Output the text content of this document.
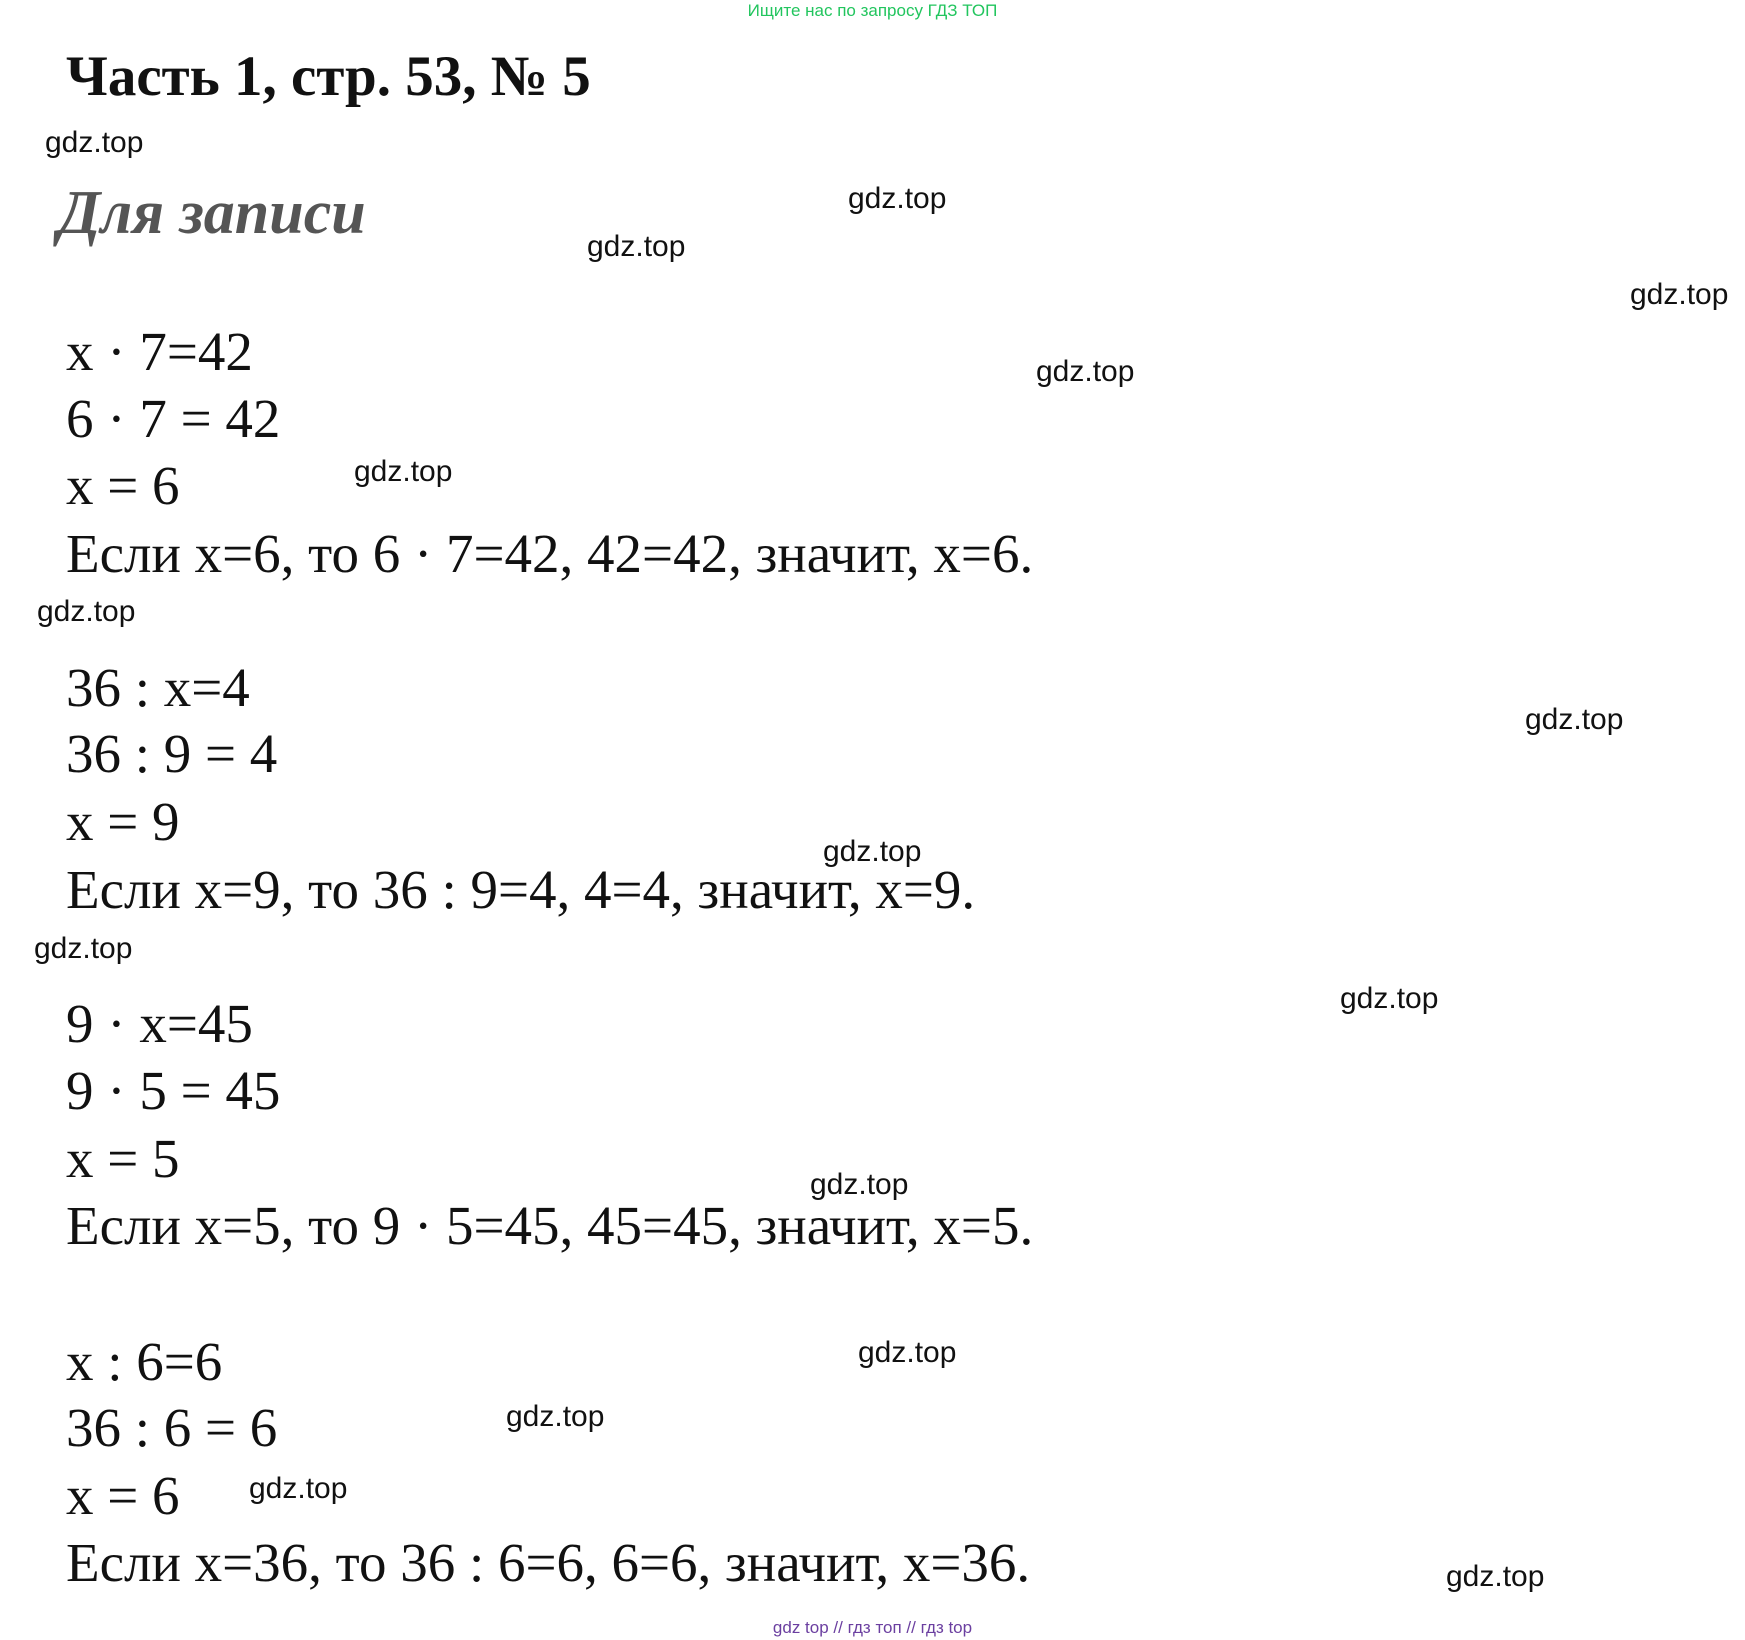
Ищите нас по запросу ГДЗ ТОП
Часть 1, стр. 53, № 5
Для записи
x · 7=42
6 · 7 = 42
x = 6
Если x=6, то 6 · 7=42, 42=42, значит, x=6.
36 : x=4
36 : 9 = 4
x = 9
Если x=9, то 36 : 9=4, 4=4, значит, x=9.
9 · x=45
9 · 5 = 45
x = 5
Если x=5, то 9 · 5=45, 45=45, значит, x=5.
x : 6=6
36 : 6 = 6
x = 6
Если x=36, то 36 : 6=6, 6=6, значит, x=36.
gdz.top
gdz.top
gdz.top
gdz.top
gdz.top
gdz.top
gdz.top
gdz.top
gdz.top
gdz.top
gdz.top
gdz.top
gdz.top
gdz.top
gdz.top
gdz.top
gdz top // гдз топ // гдз top
